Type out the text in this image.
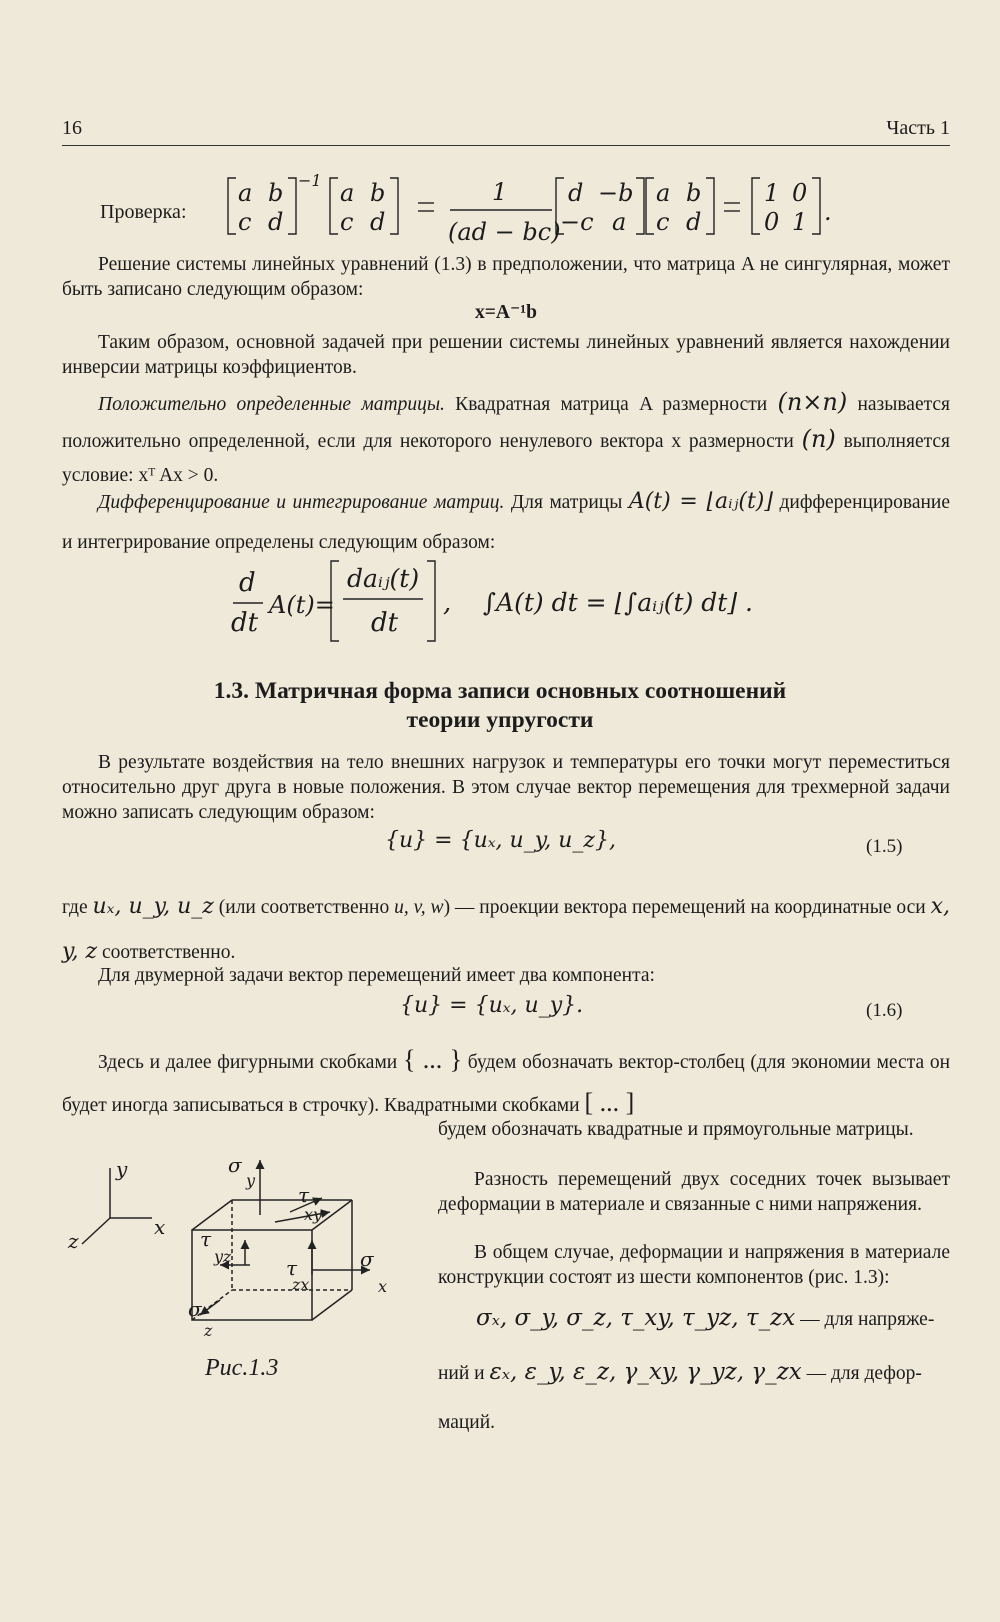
16	Часть 1
Проверка:
a b
c d
−1 a b
c d
1
(ad − bc)
d −b
−c a
a b
c d
1 0
0 1 .
Решение системы линейных уравнений (1.3) в предположении, что матрица A не сингулярная, может быть записано следующим образом:
x=A⁻¹b
Таким образом, основной задачей при решении системы линейных уравнений является нахождении инверсии матрицы коэффициентов.
Положительно определенные матрицы. Квадратная матрица A размерности (n×n) называется положительно определенной, если для некоторого ненулевого вектора x размерности (n) выполняется условие: xᵀ Ax > 0.
Дифференцирование и интегрирование матриц. Для матрицы A(t) = ⌊aᵢⱼ(t)⌋ дифференцирование и интегрирование определены следующим образом:
d
dt
A(t)=
daᵢⱼ(t)
dt
, ∫A(t) dt = ⌊∫aᵢⱼ(t) dt⌋ .
1.3. Матричная форма записи основных соотношений
теории упругости
В результате воздействия на тело внешних нагрузок и температуры его точки могут переместиться относительно друг друга в новые положения. В этом случае вектор перемещения для трехмерной задачи можно записать следующим образом:
{u} = {uₓ, u_y, u_z},	(1.5)
где uₓ, u_y, u_z (или соответственно u, v, w) — проекции вектора перемещений на координатные оси x, y, z соответственно.
Для двумерной задачи вектор перемещений имеет два компонента:
{u} = {uₓ, u_y}.	(1.6)
Здесь и далее фигурными скобками { ... } будем обозначать вектор-столбец (для экономии места он будет иногда записываться в строчку). Квадратными скобками [ ... ]
будем обозначать квадратные и прямоугольные матрицы.
Разность перемещений двух соседних точек вызывает деформации в материале и связанные с ними напряжения.
В общем случае, деформации и напряжения в материале конструкции состоят из шести компонентов (рис. 1.3):
σₓ, σ_y, σ_z, τ_xy, τ_yz, τ_zx — для напряже-
ний и εₓ, ε_y, ε_z, γ_xy, γ_yz, γ_zx — для дефор-
маций.
y
x
z
σ
y
τ
xy
τ
yz	τ
zx
σ
x
σ
z
Рис.1.3
